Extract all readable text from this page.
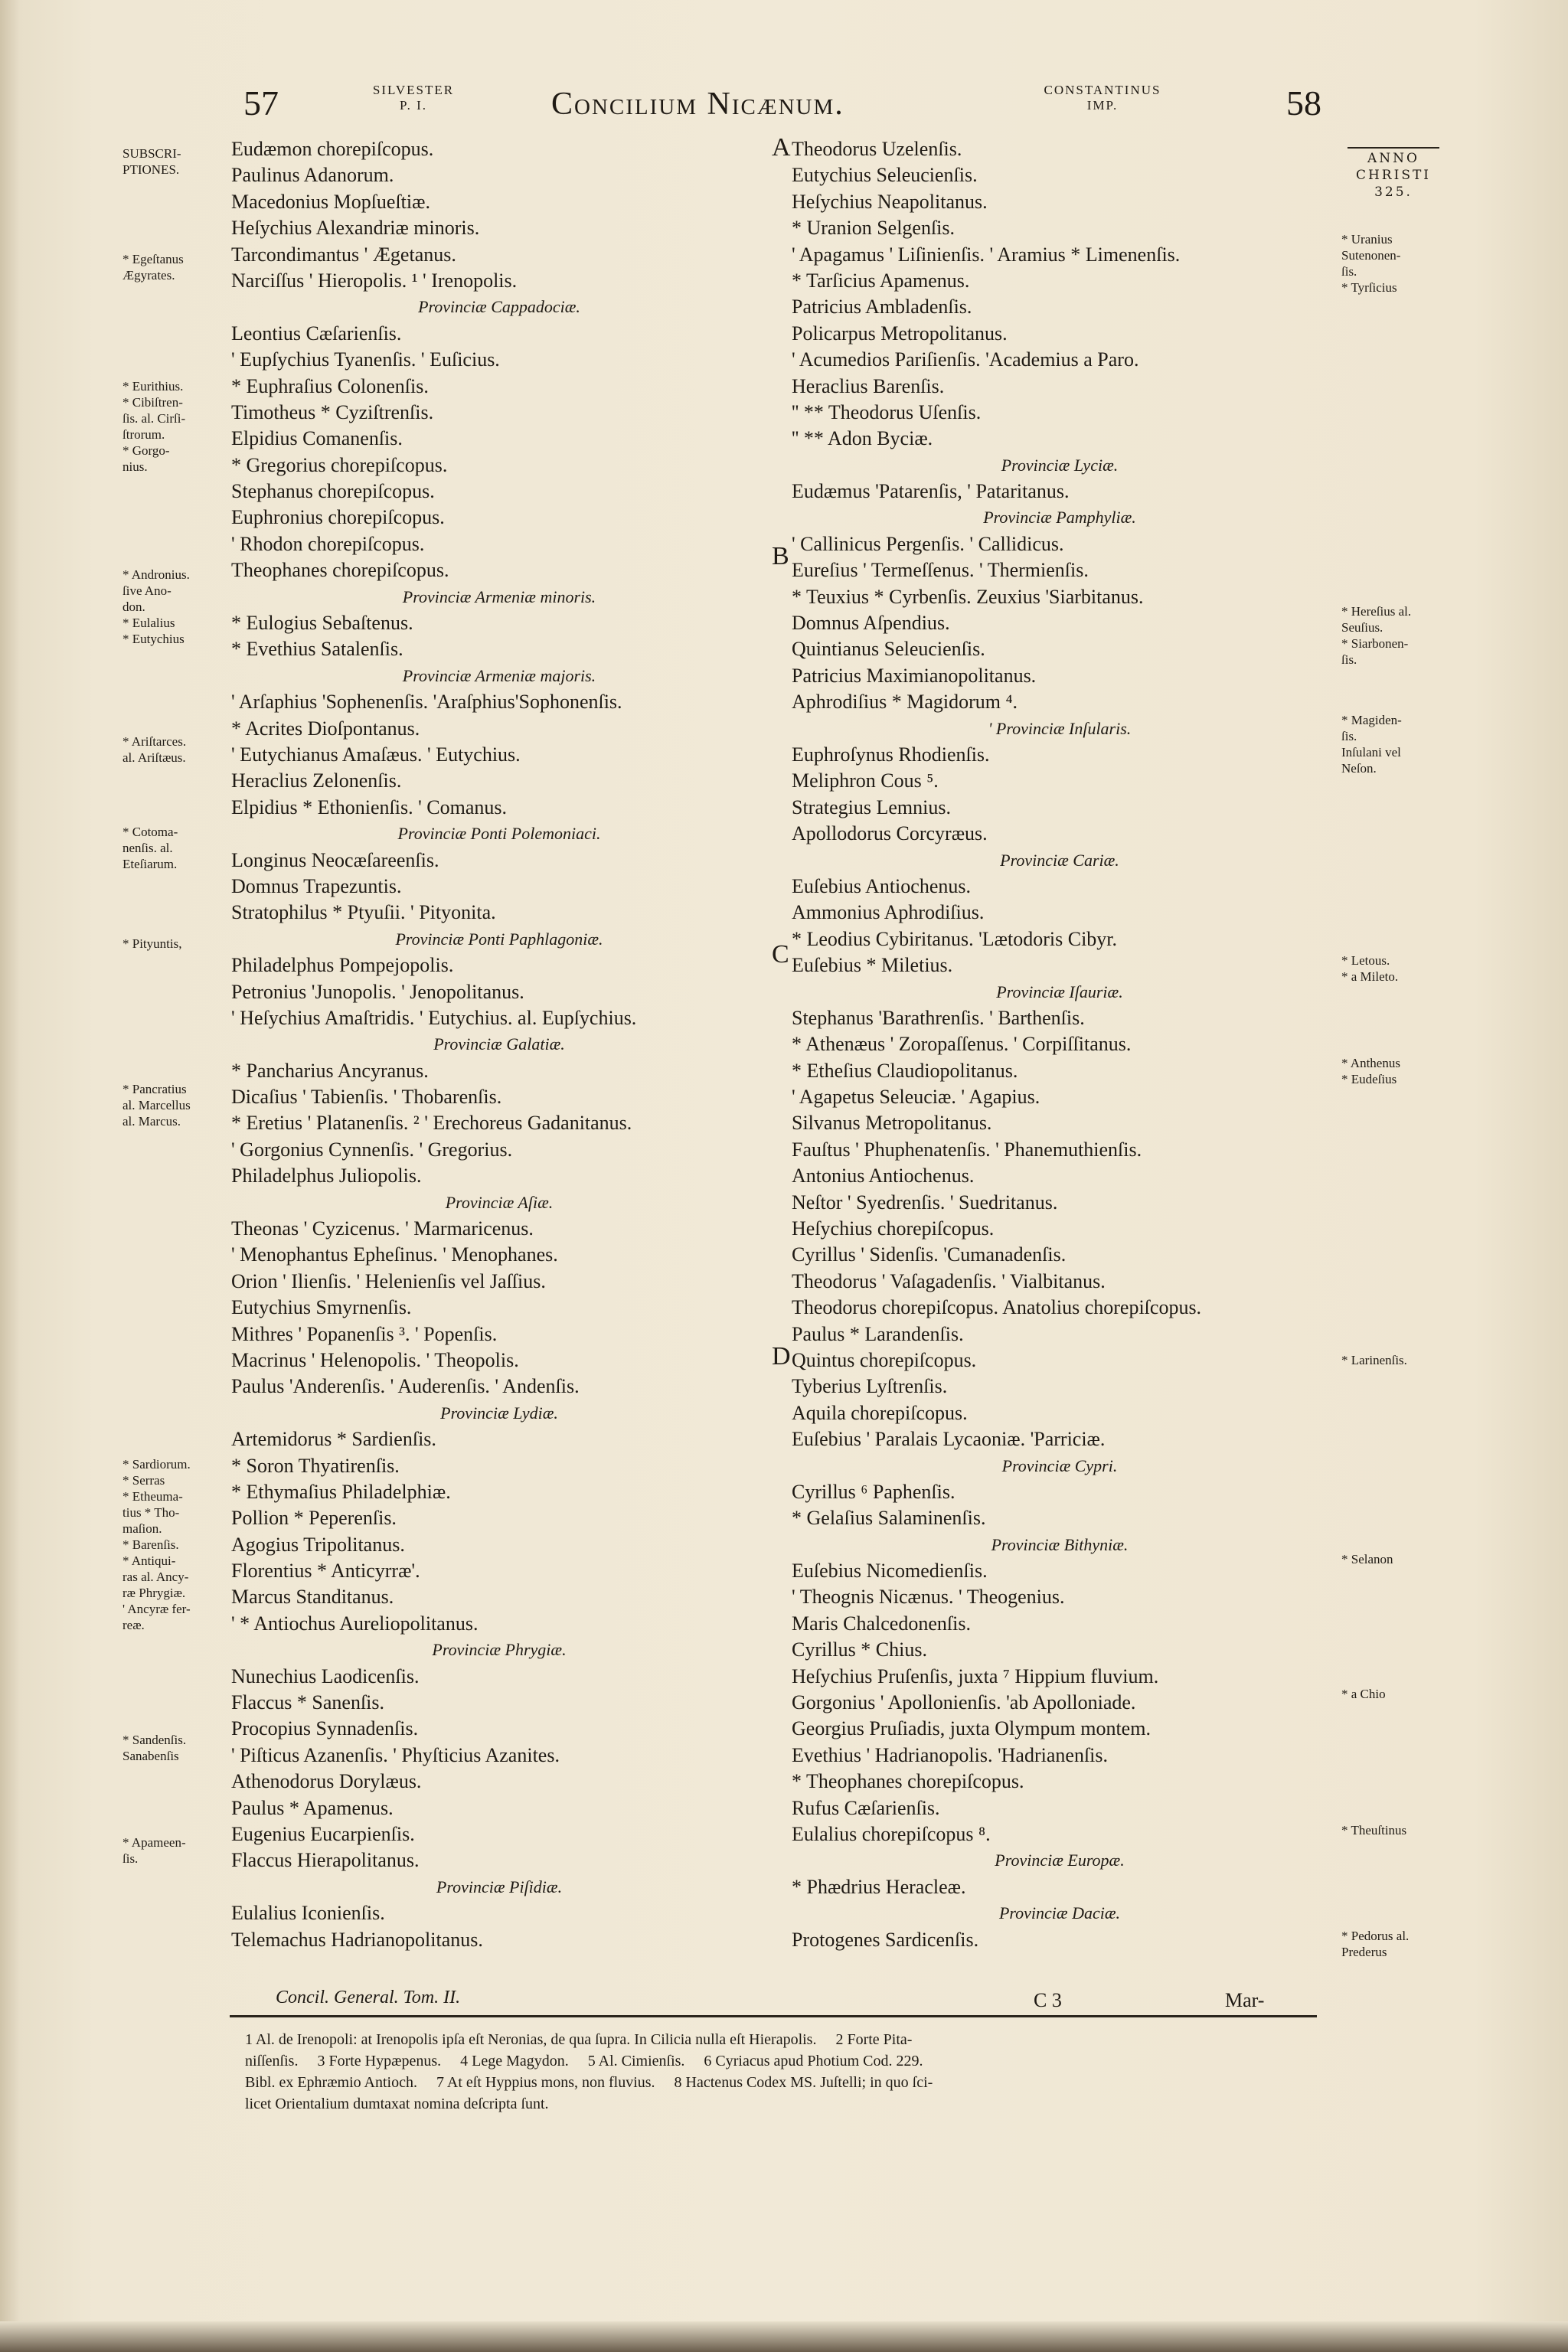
57	SILVESTER
P. I.	Concilium Nicænum.	CONSTANTINUS
IMP.	58
ANNO
CHRISTI
325.
Eudæmon chorepiſcopus.
Paulinus Adanorum.
Macedonius Mopſueſtiæ.
Heſychius Alexandriæ minoris.
Tarcondimantus ' Ægetanus.
Narciſſus ' Hieropolis. ¹ ' Irenopolis.
Provinciæ Cappadociæ.
Leontius Cæſarienſis.
' Eupſychius Tyanenſis. ' Euſicius.
* Euphraſius Colonenſis.
Timotheus * Cyziſtrenſis.
Elpidius Comanenſis.
* Gregorius chorepiſcopus.
Stephanus chorepiſcopus.
Euphronius chorepiſcopus.
' Rhodon chorepiſcopus.
Theophanes chorepiſcopus.
Provinciæ Armeniæ minoris.
* Eulogius Sebaſtenus.
* Evethius Satalenſis.
Provinciæ Armeniæ majoris.
' Arſaphius 'Sophenenſis. 'Araſphius'Sophonenſis.
* Acrites Dioſpontanus.
' Eutychianus Amaſæus. ' Eutychius.
Heraclius Zelonenſis.
Elpidius * Ethonienſis. ' Comanus.
Provinciæ Ponti Polemoniaci.
Longinus Neocæſareenſis.
Domnus Trapezuntis.
Stratophilus * Ptyuſii. ' Pityonita.
Provinciæ Ponti Paphlagoniæ.
Philadelphus Pompejopolis.
Petronius 'Junopolis. ' Jenopolitanus.
' Heſychius Amaſtridis. ' Eutychius. al. Eupſychius.
Provinciæ Galatiæ.
* Pancharius Ancyranus.
Dicaſius ' Tabienſis. ' Thobarenſis.
* Eretius ' Platanenſis. ² ' Erechoreus Gadanitanus.
' Gorgonius Cynnenſis. ' Gregorius.
Philadelphus Juliopolis.
Provinciæ Aſiæ.
Theonas ' Cyzicenus. ' Marmaricenus.
' Menophantus Epheſinus. ' Menophanes.
Orion ' Ilienſis. ' Helenienſis vel Jaſſius.
Eutychius Smyrnenſis.
Mithres ' Popanenſis ³. ' Popenſis.
Macrinus ' Helenopolis. ' Theopolis.
Paulus 'Anderenſis. ' Auderenſis. ' Andenſis.
Provinciæ Lydiæ.
Artemidorus * Sardienſis.
* Soron Thyatirenſis.
* Ethymaſius Philadelphiæ.
Pollion * Peperenſis.
Agogius Tripolitanus.
Florentius * Anticyrræ'.
Marcus Standitanus.
' * Antiochus Aureliopolitanus.
Provinciæ Phrygiæ.
Nunechius Laodicenſis.
Flaccus * Sanenſis.
Procopius Synnadenſis.
' Piſticus Azanenſis. ' Phyſticius Azanites.
Athenodorus Dorylæus.
Paulus * Apamenus.
Eugenius Eucarpienſis.
Flaccus Hierapolitanus.
Provinciæ Piſidiæ.
Eulalius Iconienſis.
Telemachus Hadrianopolitanus.
Theodorus Uzelenſis.
Eutychius Seleucienſis.
Heſychius Neapolitanus.
* Uranion Selgenſis.
' Apagamus ' Liſinienſis. ' Aramius * Limenenſis.
* Tarſicius Apamenus.
Patricius Ambladenſis.
Policarpus Metropolitanus.
' Acumedios Pariſienſis. 'Academius a Paro.
Heraclius Barenſis.
'' ** Theodorus Uſenſis.
'' ** Adon Byciæ.
Provinciæ Lyciæ.
Eudæmus 'Patarenſis, ' Pataritanus.
Provinciæ Pamphyliæ.
' Callinicus Pergenſis. ' Callidicus.
Eureſius ' Termeſſenus. ' Thermienſis.
* Teuxius * Cyrbenſis. Zeuxius 'Siarbitanus.
Domnus Aſpendius.
Quintianus Seleucienſis.
Patricius Maximianopolitanus.
Aphrodiſius * Magidorum ⁴.
' Provinciæ Inſularis.
Euphroſynus Rhodienſis.
Meliphron Cous ⁵.
Strategius Lemnius.
Apollodorus Corcyræus.
Provinciæ Cariæ.
Euſebius Antiochenus.
Ammonius Aphrodiſius.
* Leodius Cybiritanus. 'Lætodoris Cibyr.
Euſebius * Miletius.
Provinciæ Iſauriæ.
Stephanus 'Barathrenſis. ' Barthenſis.
* Athenæus ' Zoropaſſenus. ' Corpiſſitanus.
* Etheſius Claudiopolitanus.
' Agapetus Seleuciæ. ' Agapius.
Silvanus Metropolitanus.
Fauſtus ' Phuphenatenſis. ' Phanemuthienſis.
Antonius Antiochenus.
Neſtor ' Syedrenſis. ' Suedritanus.
Heſychius chorepiſcopus.
Cyrillus ' Sidenſis. 'Cumanadenſis.
Theodorus ' Vaſagadenſis. ' Vialbitanus.
Theodorus chorepiſcopus. Anatolius chorepiſcopus.
Paulus * Larandenſis.
Quintus chorepiſcopus.
Tyberius Lyſtrenſis.
Aquila chorepiſcopus.
Euſebius ' Paralais Lycaoniæ. 'Parriciæ.
Provinciæ Cypri.
Cyrillus ⁶ Paphenſis.
* Gelaſius Salaminenſis.
Provinciæ Bithyniæ.
Euſebius Nicomedienſis.
' Theognis Nicænus. ' Theogenius.
Maris Chalcedonenſis.
Cyrillus * Chius.
Heſychius Pruſenſis, juxta ⁷ Hippium fluvium.
Gorgonius ' Apollonienſis. 'ab Apolloniade.
Georgius Pruſiadis, juxta Olympum montem.
Evethius ' Hadrianopolis. 'Hadrianenſis.
* Theophanes chorepiſcopus.
Rufus Cæſarienſis.
Eulalius chorepiſcopus ⁸.
Provinciæ Europæ.
* Phædrius Heracleæ.
Provinciæ Daciæ.
Protogenes Sardicenſis.
SUBSCRI-
PTIONES.
* Egeſtanus
Ægyrates.
* Eurithius.
* Cibiſtren-
ſis. al. Cirſi-
ſtrorum.
* Gorgo-
nius.
* Andronius.
ſive Ano-
don.
* Eulalius
* Eutychius
* Ariſtarces.
al. Ariſtæus.
* Cotoma-
nenſis. al.
Eteſiarum.
* Pityuntis,
* Pancratius
al. Marcellus
al. Marcus.
* Sardiorum.
* Serras
* Etheuma-
tius * Tho-
maſion.
* Barenſis.
* Antiqui-
ras al. Ancy-
ræ Phrygiæ.
' Ancyræ fer-
reæ.
* Sandenſis.
Sanabenſis
* Apameen-
ſis.
* Uranius
Sutenonen-
ſis.
* Tyrſicius
* Hereſius al.
Seuſius.
* Siarbonen-
ſis.
* Magiden-
ſis.
Inſulani vel
Neſon.
* Letous.
* a Mileto.
* Anthenus
* Eudeſius
* Larinenſis.
* Selanon
* a Chio
* Theuſtinus
* Pedorus al.
Prederus
A
B
C
D
Concil. General. Tom. II.	C 3	Mar-
1 Al. de Irenopoli: at Irenopolis ipſa eſt Neronias, de qua ſupra. In Cilicia nulla eſt Hierapolis.     2 Forte Pita-
niſſenſis.     3 Forte Hypæpenus.     4 Lege Magydon.     5 Al. Cimienſis.     6 Cyriacus apud Photium Cod. 229.
Bibl. ex Ephræmio Antioch.     7 At eſt Hyppius mons, non fluvius.     8 Hactenus Codex MS. Juſtelli; in quo ſci-
licet Orientalium dumtaxat nomina deſcripta ſunt.
